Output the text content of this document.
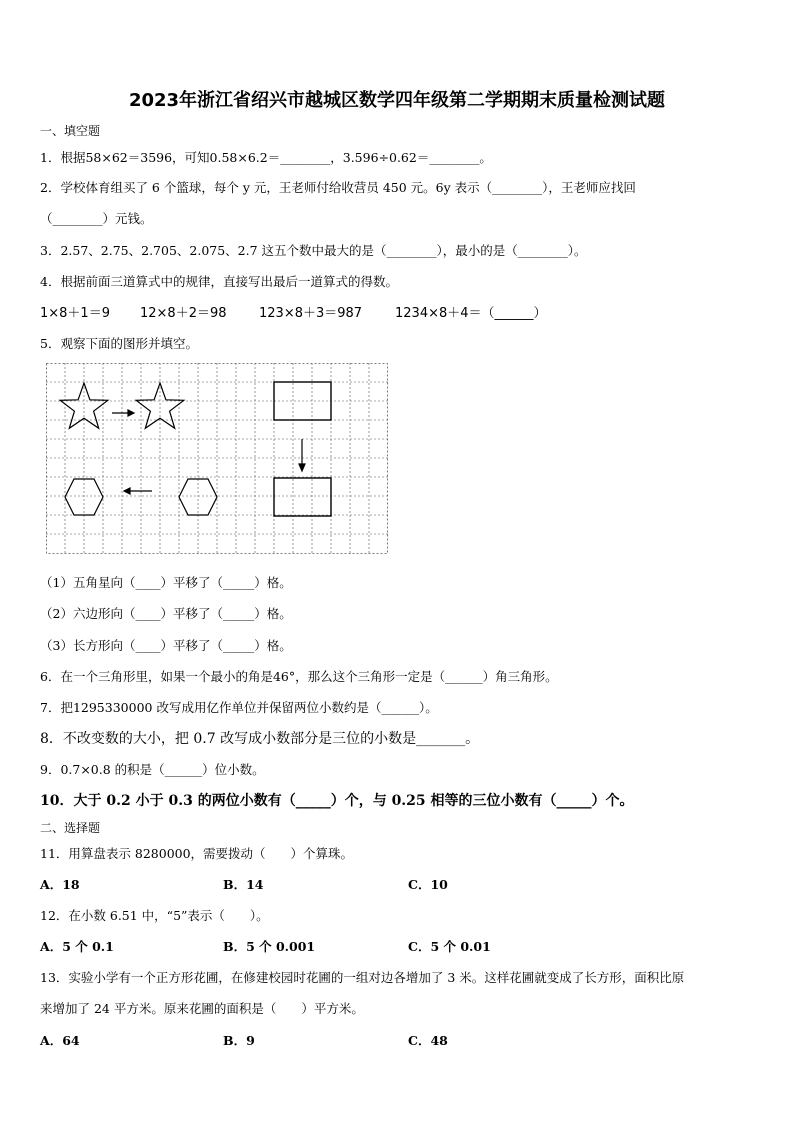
2023年浙江省绍兴市越城区数学四年级第二学期期末质量检测试题
一、填空题
1．根据58×62＝3596，可知0.58×6.2＝________，3.596÷0.62＝________。
2．学校体育组买了 6 个篮球，每个 y 元，王老师付给收营员 450 元。6y 表示（________），王老师应找回
（________）元钱。
3．2.57、2.75、2.705、2.075、2.7 这五个数中最大的是（________），最小的是（________）。
4．根据前面三道算式中的规律，直接写出最后一道算式的得数。
1×8＋1＝9 12×8＋2＝98 123×8＋3＝987	1234×8＋4＝（______）
5．观察下面的图形并填空。
（1）五角星向（____）平移了（_____）格。
（2）六边形向（____）平移了（_____）格。
（3）长方形向（____）平移了（_____）格。
6．在一个三角形里，如果一个最小的角是46°，那么这个三角形一定是（______）角三角形。
7．把1295330000 改写成用亿作单位并保留两位小数约是（______）。
8．不改变数的大小，把 0.7 改写成小数部分是三位的小数是_______。
9．0.7×0.8 的积是（______）位小数。
10．大于 0.2 小于 0.3 的两位小数有（_____）个，与 0.25 相等的三位小数有（_____）个。
二、选择题
11．用算盘表示 8280000，需要拨动（　　）个算珠。
A．18	B．14	C．10
12．在小数 6.51 中，“5”表示（　　）。
A．5 个 0.1	B．5 个 0.001	C．5 个 0.01
13．实验小学有一个正方形花圃，在修建校园时花圃的一组对边各增加了 3 米。这样花圃就变成了长方形，面积比原
来增加了 24 平方米。原来花圃的面积是（　　）平方米。
A．64	B．9	C．48
